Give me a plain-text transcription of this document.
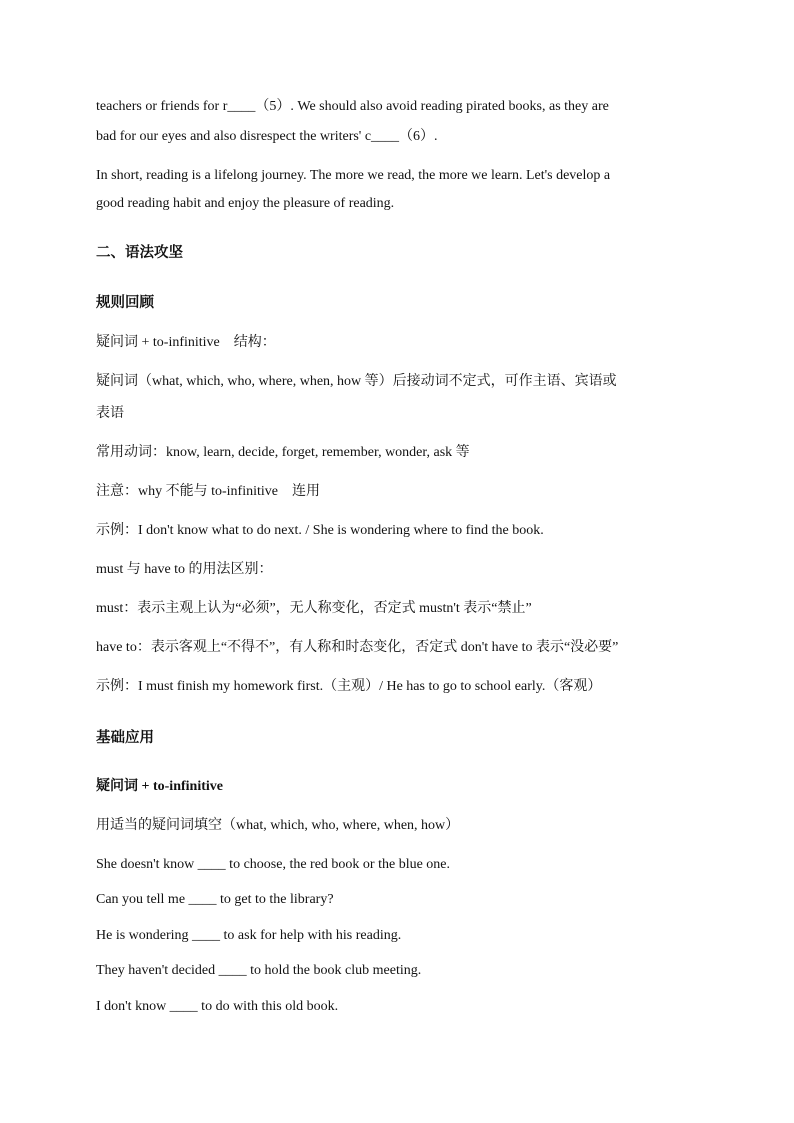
teachers or friends for r____（5）. We should also avoid reading pirated books, as they are
bad for our eyes and also disrespect the writers' c____（6）.
In short, reading is a lifelong journey. The more we read, the more we learn. Let's develop a
good reading habit and enjoy the pleasure of reading.
二、语法攻坚
规则回顾
疑问词 + to-infinitive　结构：
疑问词（what, which, who, where, when, how 等）后接动词不定式，可作主语、宾语或
表语
常用动词：know, learn, decide, forget, remember, wonder, ask 等
注意：why 不能与 to-infinitive　连用
示例：I don't know what to do next. / She is wondering where to find the book.
must 与 have to 的用法区别：
must：表示主观上认为“必须”，无人称变化，否定式 mustn't 表示“禁止”
have to：表示客观上“不得不”，有人称和时态变化，否定式 don't have to 表示“没必要”
示例：I must finish my homework first.（主观）/ He has to go to school early.（客观）
基础应用
疑问词 + to-infinitive
用适当的疑问词填空（what, which, who, where, when, how）
She doesn't know ____ to choose, the red book or the blue one.
Can you tell me ____ to get to the library?
He is wondering ____ to ask for help with his reading.
They haven't decided ____ to hold the book club meeting.
I don't know ____ to do with this old book.
